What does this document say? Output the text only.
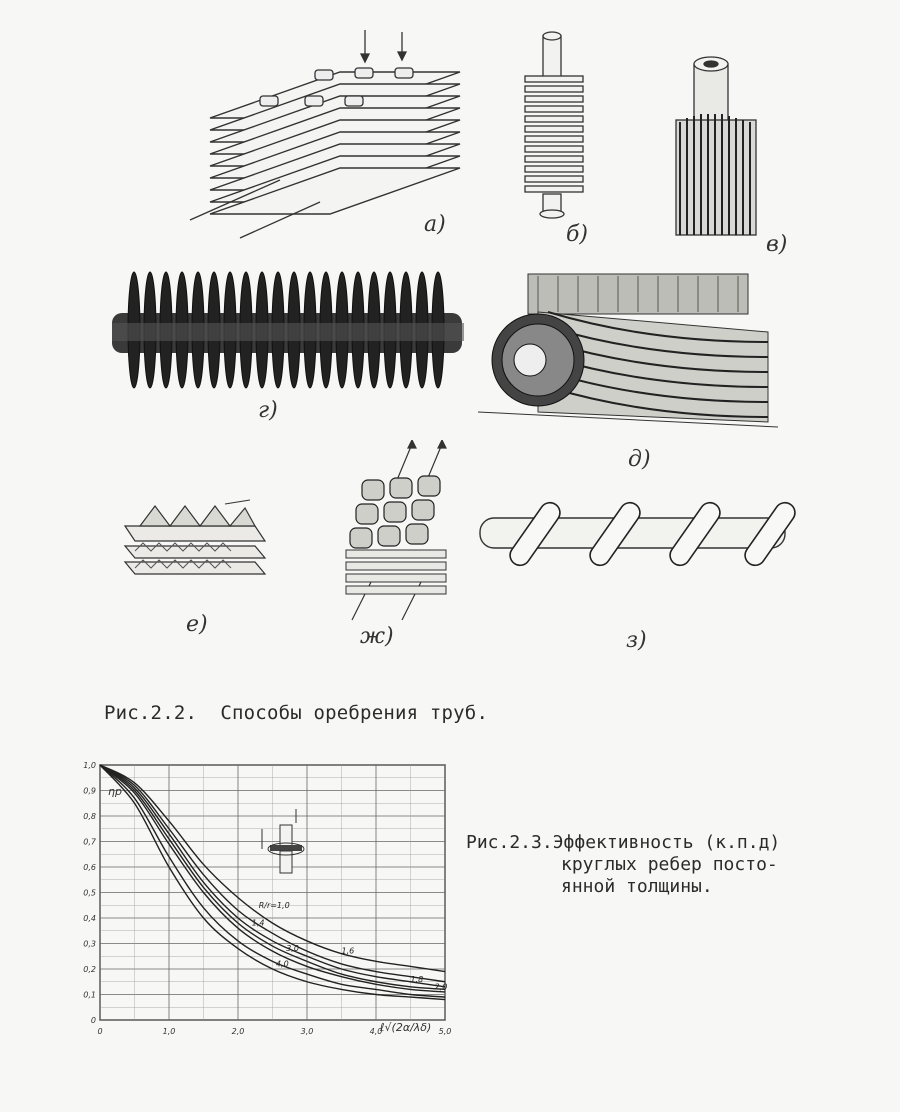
а)	б)	в)
г)
д)
е)	ж)	з)
Рис.2.2.  Способы оребрения труб.
0
0,1
0,2
0,3
0,4
0,5
0,6
0,7
0,8
0,9
1,0
0	1,0	2,0	3,0	4,0	5,0
R/r=1,0
1,4
1,6
1,8
2,0
3,0
4,0
ηp
ℓ√(2α/λδ)
Рис.2.3.Эффективность (к.п.д)
круглых ребер посто-
янной толщины.
